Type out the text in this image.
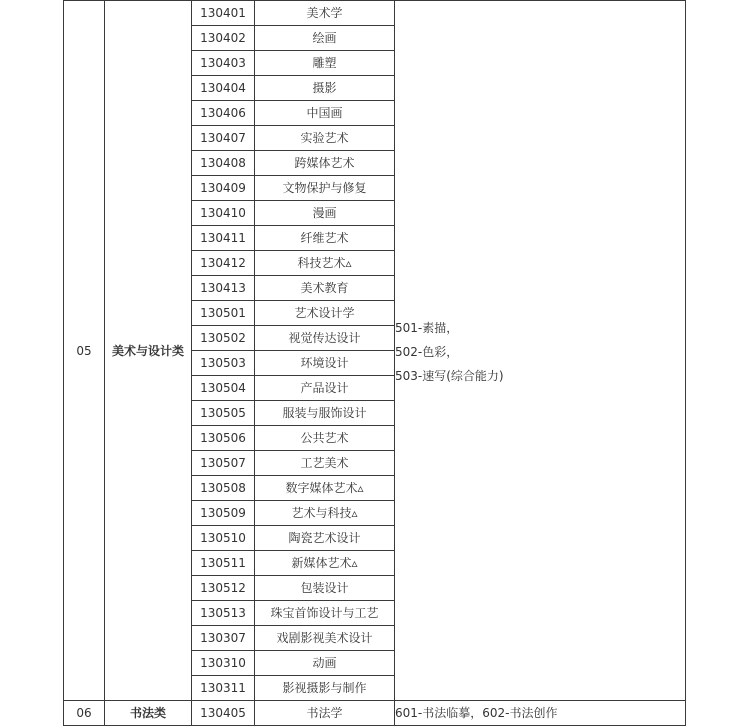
05	美术与设计类	130401	美术学	501-素描，
502-色彩，
503-速写(综合能力)

		130402	绘画	
		130403	雕塑	
		130404	摄影	
		130406	中国画	
		130407	实验艺术	
		130408	跨媒体艺术	
		130409	文物保护与修复	
		130410	漫画	
		130411	纤维艺术	
		130412	科技艺术▵	
		130413	美术教育	
		130501	艺术设计学	
		130502	视觉传达设计	
		130503	环境设计	
		130504	产品设计	
		130505	服装与服饰设计	
		130506	公共艺术	
		130507	工艺美术	
		130508	数字媒体艺术▵	
		130509	艺术与科技▵	
		130510	陶瓷艺术设计	
		130511	新媒体艺术▵	
		130512	包装设计	
		130513	珠宝首饰设计与工艺	
		130307	戏剧影视美术设计	
		130310	动画	
		130311	影视摄影与制作	
06	书法类	130405	书法学	601-书法临摹，602-书法创作
